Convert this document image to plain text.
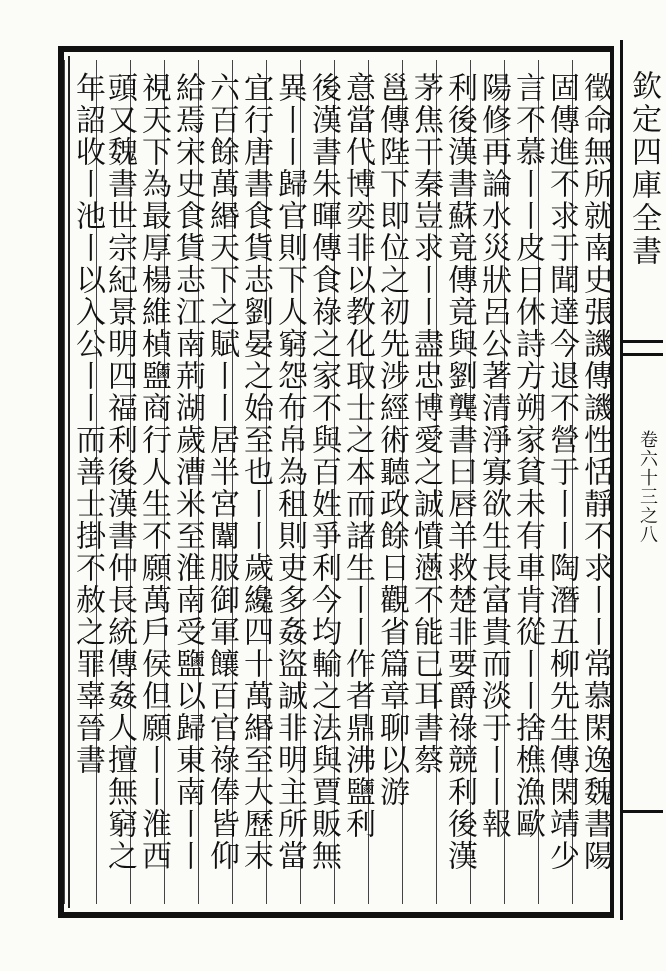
徵命無所就南史張譏傳譏性恬靜不求丨丨常慕閑逸魏書陽
固傳進不求于聞達今退不營于丨丨陶潛五柳先生傳閑靖少
言不慕丨丨皮日休詩方朔家貧未有車肯從丨丨捨樵漁歐
陽修再論水災狀呂公著清淨寡欲生長富貴而淡于丨丨報
利後漢書蘇竟傳竟與劉龔書曰唇羊救楚非要爵祿競利後漢
茅焦干秦豈求丨丨盡忠博愛之誠憤懣不能已耳書蔡
邕傳陛下即位之初先涉經術聽政餘日觀省篇章聊以游
意當代博奕非以教化取士之本而諸生丨丨作者鼎沸鹽利
後漢書朱暉傳食祿之家不與百姓爭利今均輸之法與賈販無
異丨丨歸官則下人窮怨布帛為租則吏多姦盜誠非明主所當
宜行唐書食貨志劉晏之始至也丨丨歲纔四十萬緡至大歷末
六百餘萬緡天下之賦丨丨居半宮闈服御軍饟百官祿俸皆仰
給焉宋史食貨志江南荊湖歲漕米至淮南受鹽以歸東南丨丨
視天下為最厚楊維楨鹽商行人生不願萬戶侯但願丨丨淮西
頭又魏書世宗紀景明四福利後漢書仲長統傳姦人擅無窮之
年詔收丨池丨以入公丨丨而善士掛不赦之罪辜晉書	欽定四庫全書
卷六十三之八
